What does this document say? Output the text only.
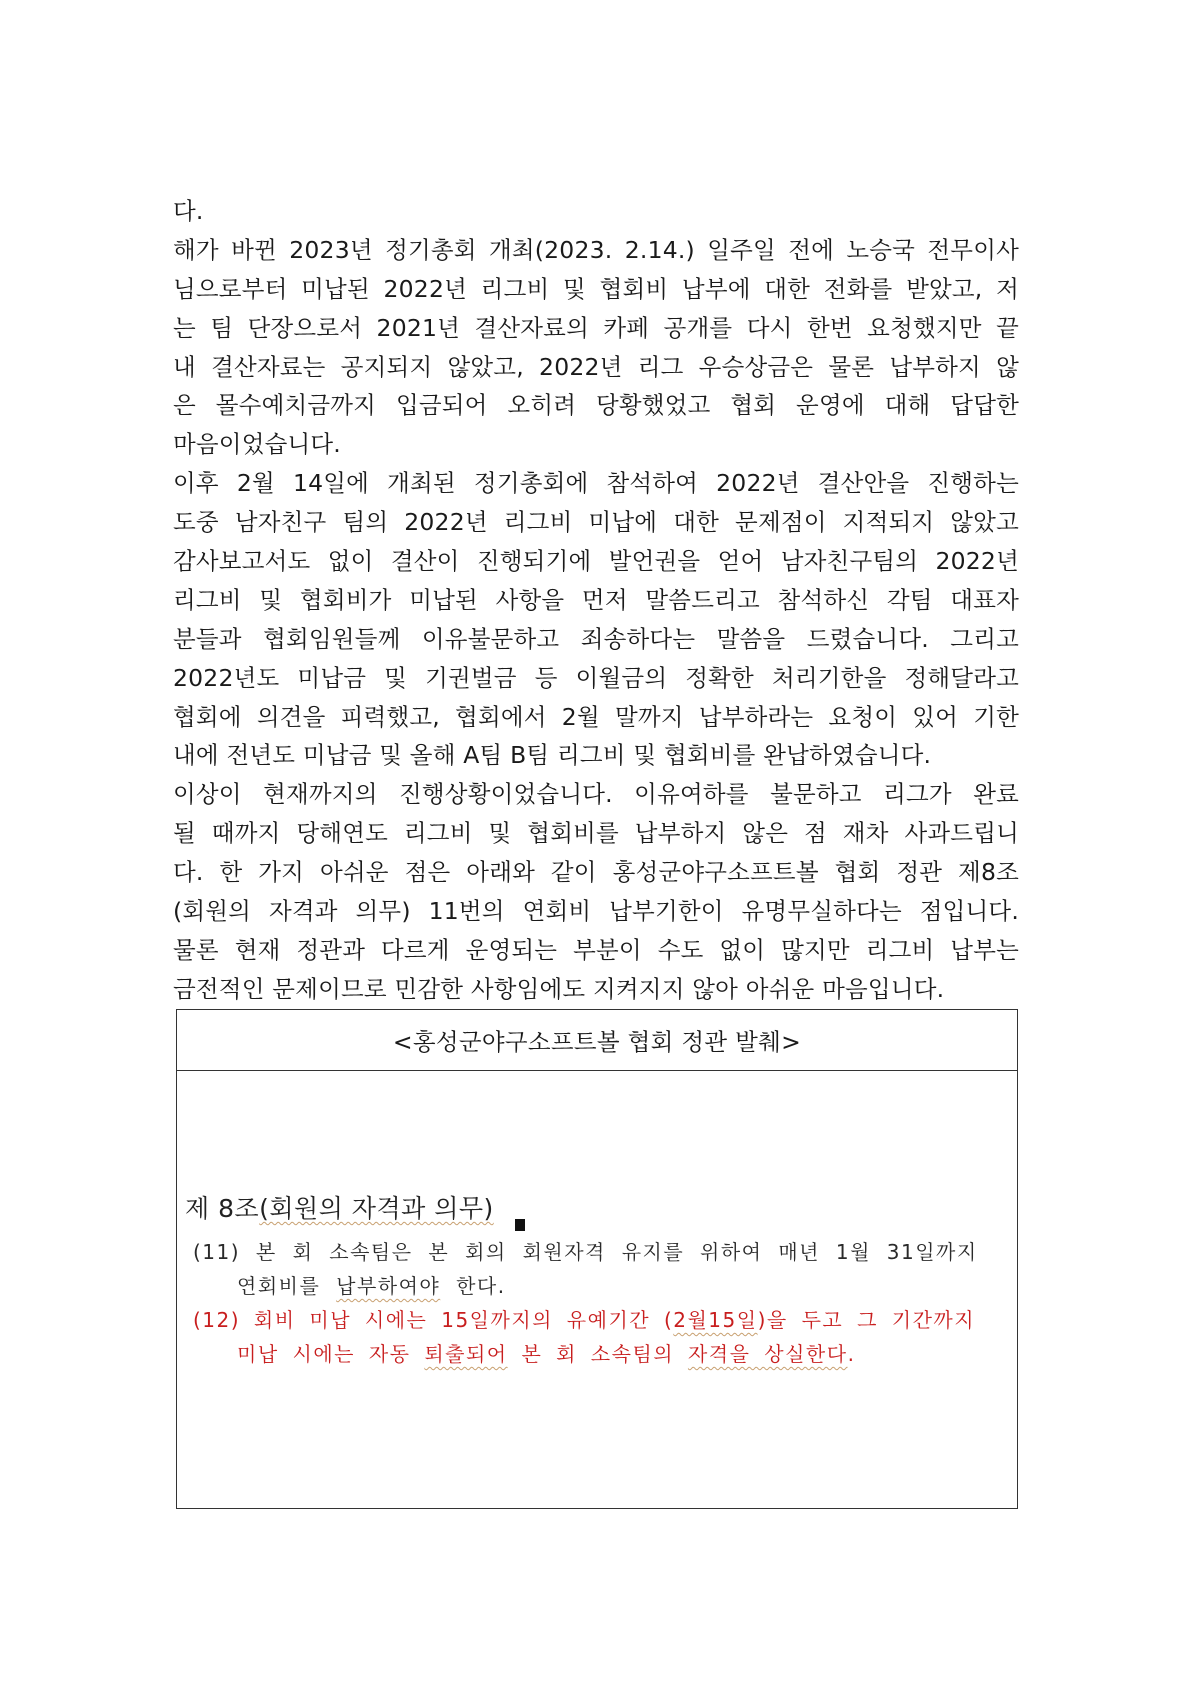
다.
해가 바뀐 2023년 정기총회 개최(2023. 2.14.) 일주일 전에 노승국 전무이사
님으로부터 미납된 2022년 리그비 및 협회비 납부에 대한 전화를 받았고, 저
는 팀 단장으로서 2021년 결산자료의 카페 공개를 다시 한번 요청했지만 끝
내 결산자료는 공지되지 않았고, 2022년 리그 우승상금은 물론 납부하지 않
은 몰수예치금까지 입금되어 오히려 당황했었고 협회 운영에 대해 답답한
마음이었습니다.
이후 2월 14일에 개최된 정기총회에 참석하여 2022년 결산안을 진행하는
도중 남자친구 팀의 2022년 리그비 미납에 대한 문제점이 지적되지 않았고
감사보고서도 없이 결산이 진행되기에 발언권을 얻어 남자친구팀의 2022년
리그비 및 협회비가 미납된 사항을 먼저 말씀드리고 참석하신 각팀 대표자
분들과 협회임원들께 이유불문하고 죄송하다는 말씀을 드렸습니다. 그리고
2022년도 미납금 및 기권벌금 등 이월금의 정확한 처리기한을 정해달라고
협회에 의견을 피력했고, 협회에서 2월 말까지 납부하라는 요청이 있어 기한
내에 전년도 미납금 및 올해 A팀 B팀 리그비 및 협회비를 완납하였습니다.
이상이 현재까지의 진행상황이었습니다. 이유여하를 불문하고 리그가 완료
될 때까지 당해연도 리그비 및 협회비를 납부하지 않은 점 재차 사과드립니
다. 한 가지 아쉬운 점은 아래와 같이 홍성군야구소프트볼 협회 정관 제8조
(회원의 자격과 의무) 11번의 연회비 납부기한이 유명무실하다는 점입니다.
물론 현재 정관과 다르게 운영되는 부분이 수도 없이 많지만 리그비 납부는
금전적인 문제이므로 민감한 사항임에도 지켜지지 않아 아쉬운 마음입니다.
<홍성군야구소프트볼 협회 정관 발췌>
제 8조(회원의 자격과 의무)
(11) 본 회 소속팀은 본 회의 회원자격 유지를 위하여 매년 1월 31일까지
연회비를 납부하여야 한다.
(12) 회비 미납 시에는 15일까지의 유예기간 (2월15일)을 두고 그 기간까지
미납 시에는 자동 퇴출되어 본 회 소속팀의 자격을 상실한다.
